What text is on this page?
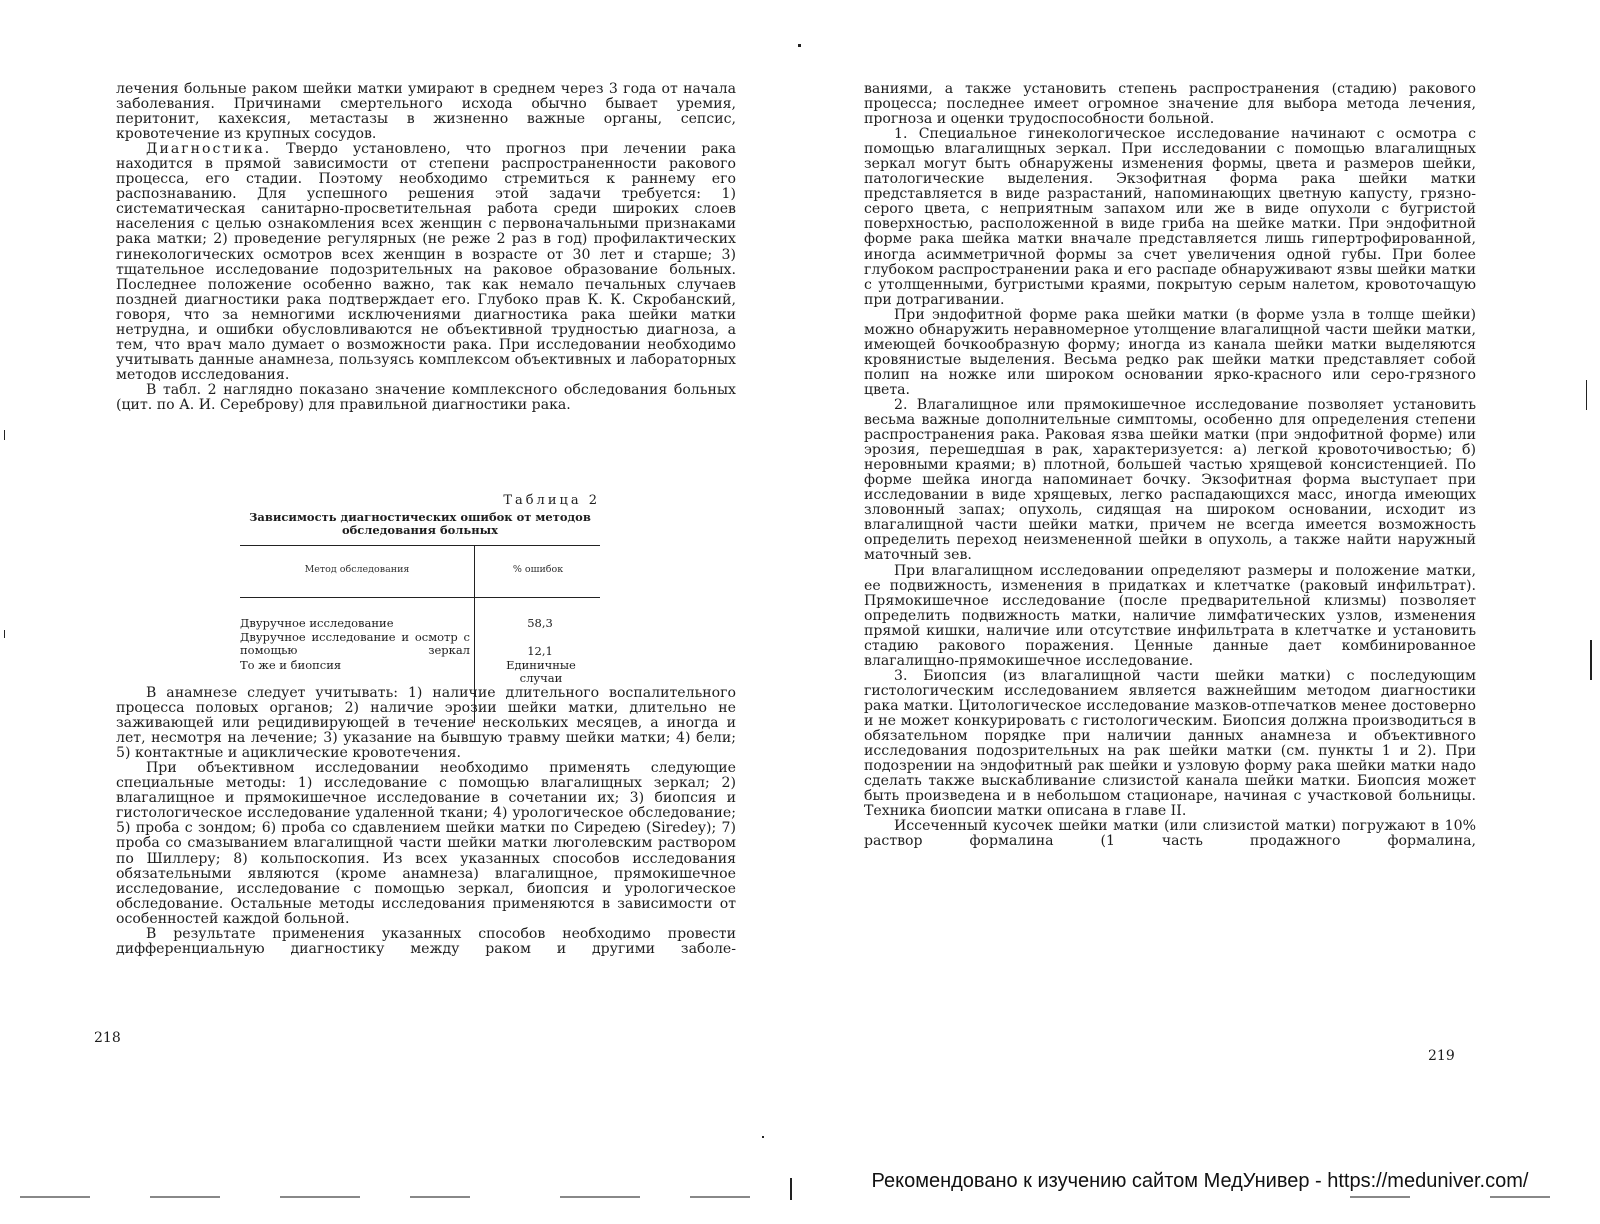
лечения больные раком шейки матки умирают в среднем через 3 года от начала заболевания. Причинами смертельного исхода обычно бывает уремия, перитонит, кахексия, метастазы в жизненно важные органы, сепсис, кровотечение из крупных сосудов.

Диагностика. Твердо установлено, что прогноз при лечении рака находится в прямой зависимости от степени распространенности ракового процесса, его стадии. Поэтому необходимо стремиться к раннему его распознаванию. Для успешного решения этой задачи требуется: 1) систематическая санитарно-просветительная работа среди широких слоев населения с целью ознакомления всех женщин с первоначальными признаками рака матки; 2) проведение регулярных (не реже 2 раз в год) профилактических гинекологических осмотров всех женщин в возрасте от 30 лет и старше; 3) тщательное исследование подозрительных на раковое образование больных. Последнее положение особенно важно, так как немало печальных случаев поздней диагностики рака подтверждает его. Глубоко прав К. К. Скробанский, говоря, что за немногими исключениями диагностика рака шейки матки нетрудна, и ошибки обусловливаются не объективной трудностью диагноза, а тем, что врач мало думает о возможности рака. При исследовании необходимо учитывать данные анамнеза, пользуясь комплексом объективных и лабораторных методов исследования.

В табл. 2 наглядно показано значение комплексного обследования больных (цит. по А. И. Сереброву) для правильной диагностики рака.

Таблица 2
Зависимость диагностических ошибок от методов обследования больных
Метод обследования	% ошибок
Двуручное исследование	58,3
Двуручное исследование и осмотр с помощью зеркал	12,1
То же и биопсия	Единичные случаи

В анамнезе следует учитывать: 1) наличие длительного воспалительного процесса половых органов; 2) наличие эрозии шейки матки, длительно не заживающей или рецидивирующей в течение нескольких месяцев, а иногда и лет, несмотря на лечение; 3) указание на бывшую травму шейки матки; 4) бели; 5) контактные и ациклические кровотечения.

При объективном исследовании необходимо применять следующие специальные методы: 1) исследование с помощью влагалищных зеркал; 2) влагалищное и прямокишечное исследование в сочетании их; 3) биопсия и гистологическое исследование удаленной ткани; 4) урологическое обследование; 5) проба с зондом; 6) проба со сдавлением шейки матки по Сиредею (Siredey); 7) проба со смазыванием влагалищной части шейки матки люголевским раствором по Шиллеру; 8) кольпоскопия. Из всех указанных способов исследования обязательными являются (кроме анамнеза) влагалищное, прямокишечное исследование, исследование с помощью зеркал, биопсия и урологическое обследование. Остальные методы исследования применяются в зависимости от особенностей каждой больной.

В результате применения указанных способов необходимо провести дифференциальную диагностику между раком и другими заболе-

218

ваниями, а также установить степень распространения (стадию) ракового процесса; последнее имеет огромное значение для выбора метода лечения, прогноза и оценки трудоспособности больной.

1. Специальное гинекологическое исследование начинают с осмотра с помощью влагалищных зеркал. При исследовании с помощью влагалищных зеркал могут быть обнаружены изменения формы, цвета и размеров шейки, патологические выделения. Экзофитная форма рака шейки матки представляется в виде разрастаний, напоминающих цветную капусту, грязно-серого цвета, с неприятным запахом или же в виде опухоли с бугристой поверхностью, расположенной в виде гриба на шейке матки. При эндофитной форме рака шейка матки вначале представляется лишь гипертрофированной, иногда асимметричной формы за счет увеличения одной губы. При более глубоком распространении рака и его распаде обнаруживают язвы шейки матки с утолщенными, бугристыми краями, покрытую серым налетом, кровоточащую при дотрагивании.

При эндофитной форме рака шейки матки (в форме узла в толще шейки) можно обнаружить неравномерное утолщение влагалищной части шейки матки, имеющей бочкообразную форму; иногда из канала шейки матки выделяются кровянистые выделения. Весьма редко рак шейки матки представляет собой полип на ножке или широком основании ярко-красного или серо-грязного цвета.

2. Влагалищное или прямокишечное исследование позволяет установить весьма важные дополнительные симптомы, особенно для определения степени распространения рака. Раковая язва шейки матки (при эндофитной форме) или эрозия, перешедшая в рак, характеризуется: а) легкой кровоточивостью; б) неровными краями; в) плотной, большей частью хрящевой консистенцией. По форме шейка иногда напоминает бочку. Экзофитная форма выступает при исследовании в виде хрящевых, легко распадающихся масс, иногда имеющих зловонный запах; опухоль, сидящая на широком основании, исходит из влагалищной части шейки матки, причем не всегда имеется возможность определить переход неизмененной шейки в опухоль, а также найти наружный маточный зев.

При влагалищном исследовании определяют размеры и положение матки, ее подвижность, изменения в придатках и клетчатке (раковый инфильтрат). Прямокишечное исследование (после предварительной клизмы) позволяет определить подвижность матки, наличие лимфатических узлов, изменения прямой кишки, наличие или отсутствие инфильтрата в клетчатке и установить стадию ракового поражения. Ценные данные дает комбинированное влагалищно-прямокишечное исследование.

3. Биопсия (из влагалищной части шейки матки) с последующим гистологическим исследованием является важнейшим методом диагностики рака матки. Цитологическое исследование мазков-отпечатков менее достоверно и не может конкурировать с гистологическим. Биопсия должна производиться в обязательном порядке при наличии данных анамнеза и объективного исследования подозрительных на рак шейки матки (см. пункты 1 и 2). При подозрении на эндофитный рак шейки и узловую форму рака шейки матки надо сделать также выскабливание слизистой канала шейки матки. Биопсия может быть произведена и в небольшом стационаре, начиная с участковой больницы. Техника биопсии матки описана в главе II.

Иссеченный кусочек шейки матки (или слизистой матки) погружают в 10% раствор формалина (1 часть продажного формалина,

219
Рекомендовано к изучению сайтом МедУнивер - https://meduniver.com/
